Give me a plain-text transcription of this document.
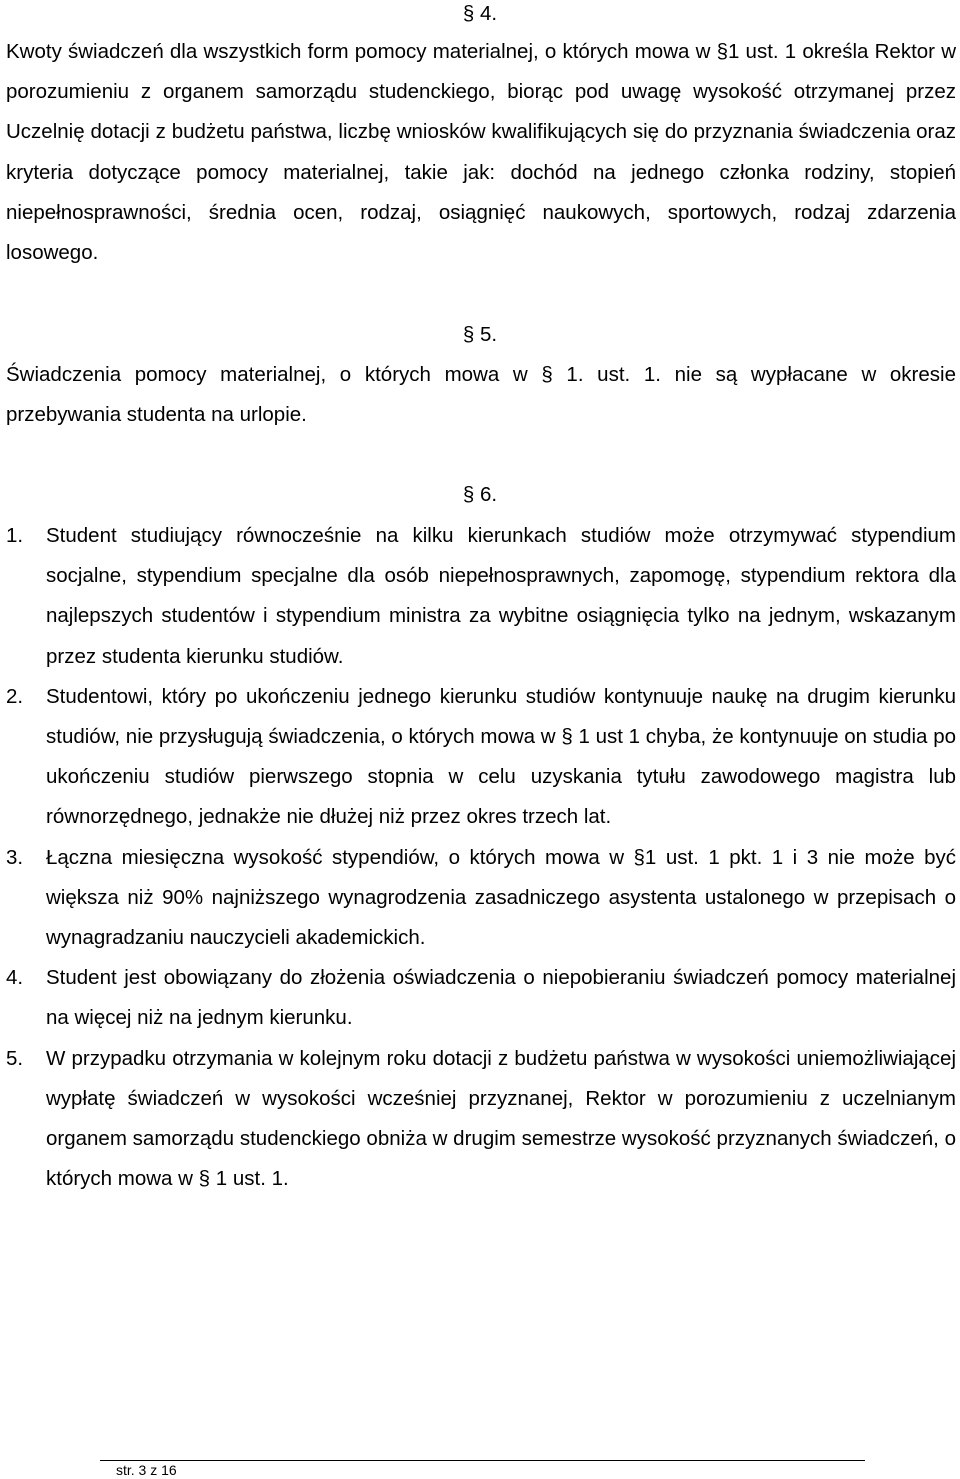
§ 4.

Kwoty świadczeń dla wszystkich form pomocy materialnej, o których mowa w §1 ust. 1 określa Rektor w porozumieniu z organem samorządu studenckiego, biorąc pod uwagę wysokość otrzymanej przez Uczelnię dotacji z budżetu państwa, liczbę wniosków kwalifikujących się do przyznania świadczenia oraz kryteria dotyczące pomocy materialnej, takie jak: dochód na jednego członka rodziny, stopień niepełnosprawności, średnia ocen, rodzaj, osiągnięć naukowych, sportowych, rodzaj zdarzenia losowego.

§ 5.

Świadczenia pomocy materialnej, o których mowa w § 1. ust. 1. nie są wypłacane w okresie przebywania studenta na urlopie.

§ 6.
1. Student studiujący równocześnie na kilku kierunkach studiów może otrzymywać stypendium socjalne, stypendium specjalne dla osób niepełnosprawnych, zapomogę, stypendium rektora dla najlepszych studentów i stypendium ministra za wybitne osiągnięcia tylko na jednym, wskazanym przez studenta kierunku studiów.
2. Studentowi, który po ukończeniu jednego kierunku studiów kontynuuje naukę na drugim kierunku studiów, nie przysługują świadczenia, o których mowa w § 1 ust 1 chyba, że kontynuuje on studia po ukończeniu studiów pierwszego stopnia w celu uzyskania tytułu zawodowego magistra lub równorzędnego, jednakże nie dłużej niż przez okres trzech lat.
3. Łączna miesięczna wysokość stypendiów, o których mowa w §1 ust. 1 pkt. 1 i 3 nie może być większa niż 90% najniższego wynagrodzenia zasadniczego asystenta ustalonego w przepisach o wynagradzaniu nauczycieli akademickich.
4. Student jest obowiązany do złożenia oświadczenia o niepobieraniu świadczeń pomocy materialnej na więcej niż na jednym kierunku.
5. W przypadku otrzymania w kolejnym roku dotacji z budżetu państwa w wysokości uniemożliwiającej wypłatę świadczeń w wysokości wcześniej przyznanej, Rektor w porozumieniu z uczelnianym organem samorządu studenckiego obniża w drugim semestrze wysokość przyznanych świadczeń, o których mowa w § 1 ust. 1.
str. 3 z 16
